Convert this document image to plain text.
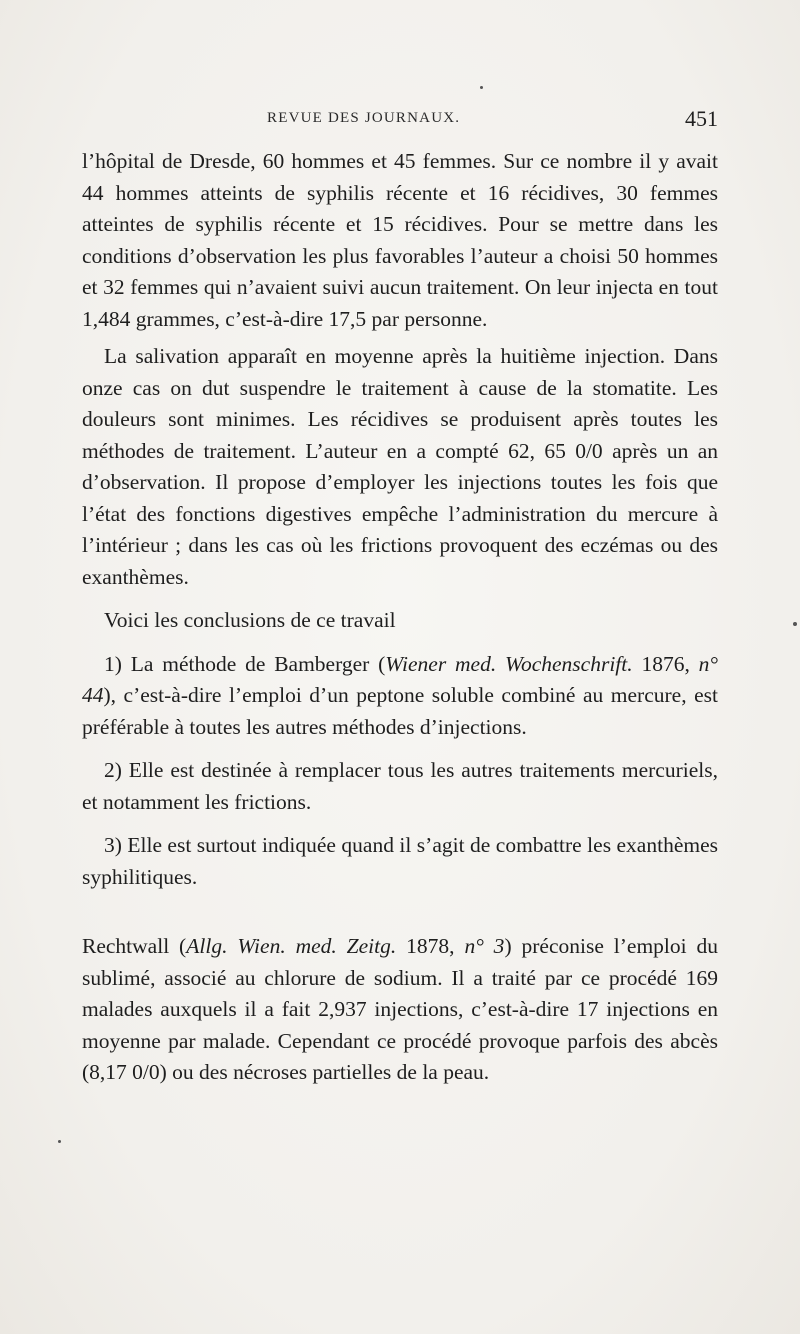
REVUE DES JOURNAUX.	451

l’hôpital de Dresde, 60 hommes et 45 femmes. Sur ce nombre il y avait 44 hommes atteints de syphilis récente et 16 récidives, 30 femmes atteintes de syphilis récente et 15 récidives. Pour se mettre dans les conditions d’observation les plus favorables l’auteur a choisi 50 hommes et 32 femmes qui n’avaient suivi aucun traitement. On leur injecta en tout 1,484 grammes, c’est-à-dire 17,5 par personne.

La salivation apparaît en moyenne après la huitième injection. Dans onze cas on dut suspendre le traitement à cause de la stomatite. Les douleurs sont minimes. Les récidives se produisent après toutes les méthodes de traitement. L’auteur en a compté 62, 65 0/0 après un an d’observation. Il propose d’employer les injections toutes les fois que l’état des fonctions digestives empêche l’administration du mercure à l’intérieur ; dans les cas où les frictions provoquent des eczémas ou des exanthèmes.

Voici les conclusions de ce travail

1) La méthode de Bamberger (Wiener med. Wochenschrift. 1876, n° 44), c’est-à-dire l’emploi d’un peptone soluble combiné au mercure, est préférable à toutes les autres méthodes d’injections.

2) Elle est destinée à remplacer tous les autres traitements mercuriels, et notamment les frictions.

3) Elle est surtout indiquée quand il s’agit de combattre les exanthèmes syphilitiques.

Rechtwall (Allg. Wien. med. Zeitg. 1878, n° 3) préconise l’emploi du sublimé, associé au chlorure de sodium. Il a traité par ce procédé 169 malades auxquels il a fait 2,937 injections, c’est-à-dire 17 injections en moyenne par malade. Cependant ce procédé provoque parfois des abcès (8,17 0/0) ou des nécroses partielles de la peau.
